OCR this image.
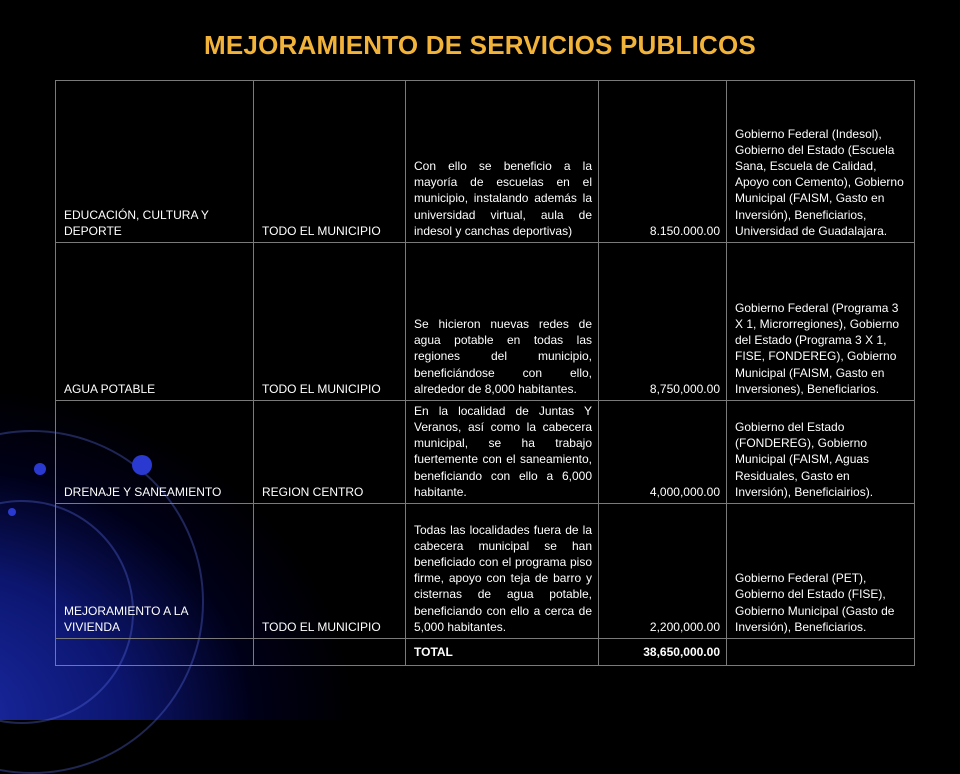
MEJORAMIENTO DE SERVICIOS PUBLICOS
EDUCACIÓN, CULTURA Y DEPORTE	TODO EL MUNICIPIO	Con ello se beneficio a la mayoría de escuelas en el municipio, instalando además la universidad virtual, aula de indesol y canchas deportivas)	8.150.000.00	Gobierno Federal (Indesol), Gobierno del Estado (Escuela Sana, Escuela de Calidad, Apoyo con Cemento), Gobierno Municipal (FAISM, Gasto en Inversión), Beneficiarios, Universidad de Guadalajara.
AGUA POTABLE	TODO EL MUNICIPIO	Se hicieron nuevas redes de agua potable en todas las regiones del municipio, beneficiándose con ello, alrededor de 8,000 habitantes.	8,750,000.00	Gobierno Federal (Programa 3 X 1, Microrregiones), Gobierno del Estado (Programa 3 X 1, FISE, FONDEREG), Gobierno Municipal (FAISM, Gasto en Inversiones), Beneficiarios.
DRENAJE Y SANEAMIENTO	REGION CENTRO	En la localidad de Juntas Y Veranos, así como la cabecera municipal, se ha trabajo fuertemente con el saneamiento, beneficiando con ello a 6,000 habitante.	4,000,000.00	Gobierno del Estado (FONDEREG), Gobierno Municipal (FAISM, Aguas Residuales, Gasto en Inversión), Beneficiairios).
MEJORAMIENTO A LA VIVIENDA	TODO EL MUNICIPIO	Todas las localidades fuera de la cabecera municipal se han beneficiado con el programa piso firme, apoyo con teja de barro y cisternas de agua potable, beneficiando con ello a cerca de 5,000 habitantes.	2,200,000.00	Gobierno Federal (PET), Gobierno del Estado (FISE), Gobierno Municipal (Gasto de Inversión), Beneficiarios.
		TOTAL	38,650,000.00	
